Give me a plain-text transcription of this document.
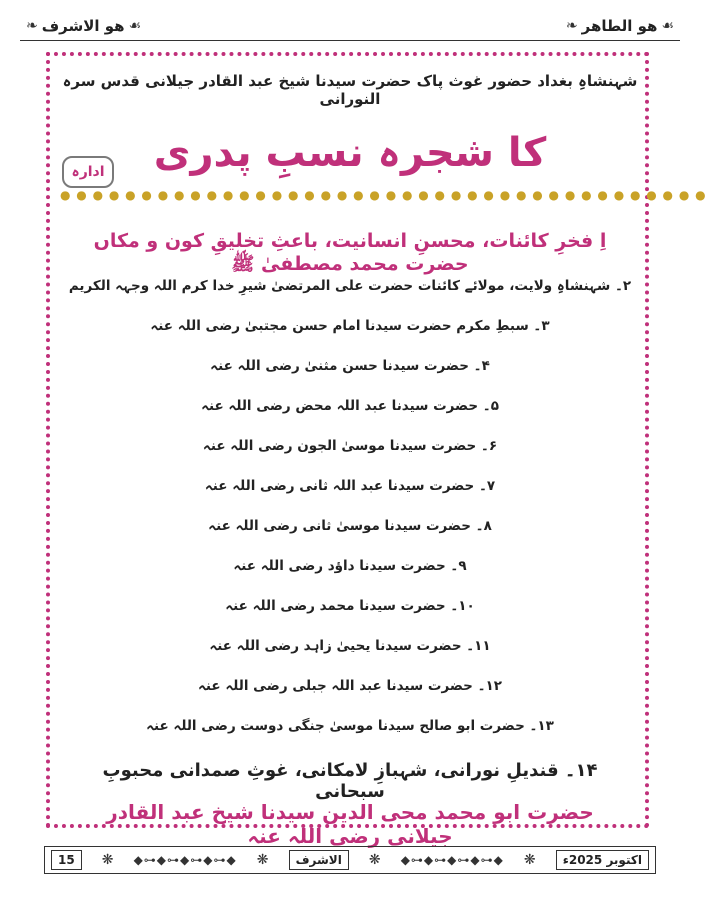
❧ ھو الاشرف ☙	❧ ھو الطاھر ☙
شہنشاہِ بغداد حضور غوث پاک حضرت سیدنا شیخ عبد القادر جیلانی قدس سرہ النورانی
کا شجرہ نسبِ پدری
ادارہ
● ● ● ● ● ● ● ● ● ● ● ● ● ● ● ● ● ● ● ● ● ● ● ● ● ● ● ● ● ● ● ● ● ● ● ● ● ● ● ●
اِ فخرِ کائنات، محسنِ انسانیت، باعثِ تخلیقِ کون و مکاں حضرت محمد مصطفیٰ ﷺ
۲۔ شہنشاہِ ولایت، مولائے کائنات حضرت علی المرتضیٰ شیرِ خدا کرم اللہ وجہہ الکریم
۳۔ سبطِ مکرم حضرت سیدنا امام حسن مجتبیٰ رضی اللہ عنہ
۴۔ حضرت سیدنا حسن مثنیٰ رضی اللہ عنہ
۵۔ حضرت سیدنا عبد اللہ محض رضی اللہ عنہ
۶۔ حضرت سیدنا موسیٰ الجون رضی اللہ عنہ
۷۔ حضرت سیدنا عبد اللہ ثانی رضی اللہ عنہ
۸۔ حضرت سیدنا موسیٰ ثانی رضی اللہ عنہ
۹۔ حضرت سیدنا داؤد رضی اللہ عنہ
۱۰۔ حضرت سیدنا محمد رضی اللہ عنہ
۱۱۔ حضرت سیدنا یحییٰ زاہد رضی اللہ عنہ
۱۲۔ حضرت سیدنا عبد اللہ جبلی رضی اللہ عنہ
۱۳۔ حضرت ابو صالح سیدنا موسیٰ جنگی دوست رضی اللہ عنہ
۱۴۔ قندیلِ نورانی، شہبازِ لامکانی، غوثِ صمدانی محبوبِ سبحانی
حضرت ابو محمد محی الدین سیدنا شیخ عبد القادر جیلانی رضی اللہ عنہ
15	❋ ◆⊶◆⊶◆⊶◆⊶◆ ❋	الاشرف	❋ ◆⊶◆⊶◆⊶◆⊶◆ ❋	اکتوبر 2025ء
